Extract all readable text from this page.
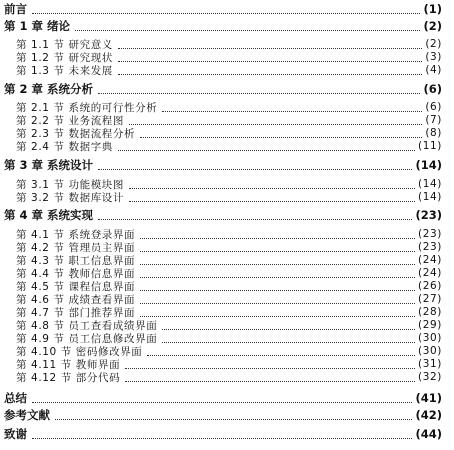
前言	(1)
第 1 章 绪论	(2)
第 1.1 节 研究意义	(2)
第 1.2 节 研究现状	(3)
第 1.3 节 未来发展	(4)
第 2 章 系统分析	(6)
第 2.1 节 系统的可行性分析	(6)
第 2.2 节 业务流程图	(7)
第 2.3 节 数据流程分析	(8)
第 2.4 节 数据字典	(11)
第 3 章 系统设计	(14)
第 3.1 节 功能模块图	(14)
第 3.2 节 数据库设计	(14)
第 4 章 系统实现	(23)
第 4.1 节 系统登录界面	(23)
第 4.2 节 管理员主界面	(23)
第 4.3 节 职工信息界面	(24)
第 4.4 节 教师信息界面	(24)
第 4.5 节 课程信息界面	(26)
第 4.6 节 成绩查看界面	(27)
第 4.7 节 部门推荐界面	(28)
第 4.8 节 员工查看成绩界面	(29)
第 4.9 节 员工信息修改界面	(30)
第 4.10 节 密码修改界面	(30)
第 4.11 节 教师界面	(31)
第 4.12 节 部分代码	(32)
总结	(41)
参考文献	(42)
致谢	(44)
